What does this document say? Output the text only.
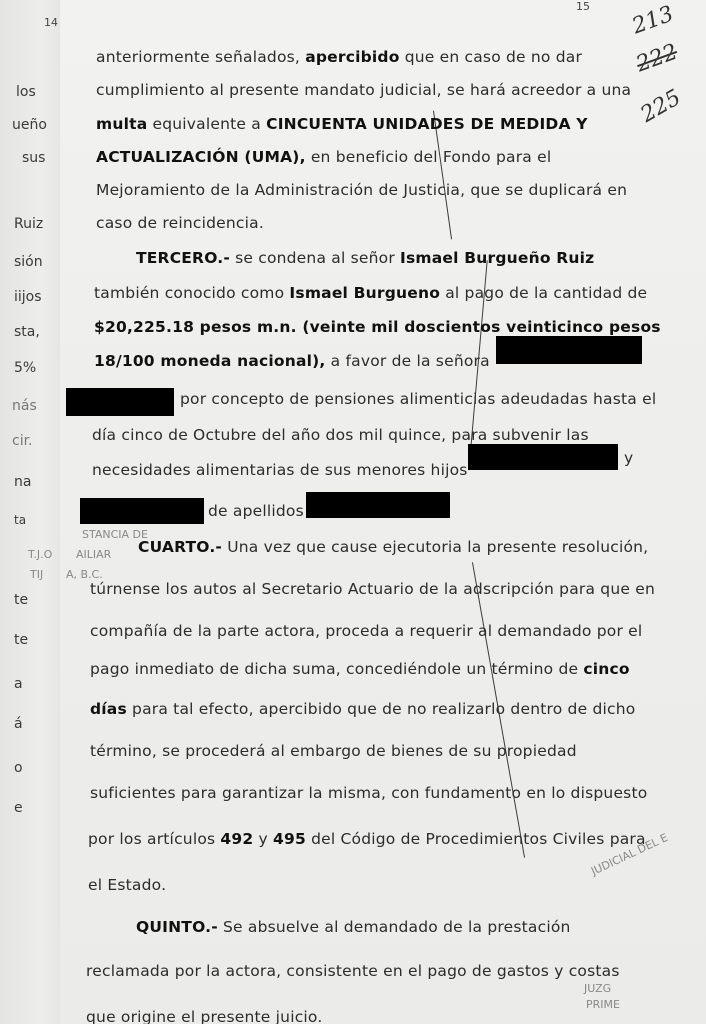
14
15 213
222
225
los
ueño
sus
Ruiz
sión
iijos
sta,
5%
nás
cir.
na
ta
te
te
a
á
o
e
STANCIA DE
AILIAR
T.J.O
A, B.C.
TIJ
JUZG
PRIME
JUDICIAL DEL E
anteriormente señalados, apercibido que en caso de no dar
cumplimiento al presente mandato judicial, se hará acreedor a una
multa equivalente a CINCUENTA UNIDADES DE MEDIDA Y
ACTUALIZACIÓN (UMA), en beneficio del Fondo para el
Mejoramiento de la Administración de Justicia, que se duplicará en
caso de reincidencia.
TERCERO.- se condena al señor Ismael Burgueño Ruiz
también conocido como Ismael Burgueno al pago de la cantidad de
$20,225.18 pesos m.n. (veinte mil doscientos veinticinco pesos
18/100 moneda nacional), a favor de la señora
por concepto de pensiones alimenticias adeudadas hasta el
día cinco de Octubre del año dos mil quince, para subvenir las
necesidades alimentarias de sus menores hijos
y
de apellidos
CUARTO.- Una vez que cause ejecutoria la presente resolución,
túrnense los autos al Secretario Actuario de la adscripción para que en
compañía de la parte actora, proceda a requerir al demandado por el
pago inmediato de dicha suma, concediéndole un término de cinco
días para tal efecto, apercibido que de no realizarlo dentro de dicho
término, se procederá al embargo de bienes de su propiedad
suficientes para garantizar la misma, con fundamento en lo dispuesto
por los artículos 492 y 495 del Código de Procedimientos Civiles para
el Estado.
QUINTO.- Se absuelve al demandado de la prestación
reclamada por la actora, consistente en el pago de gastos y costas
que origine el presente juicio.
